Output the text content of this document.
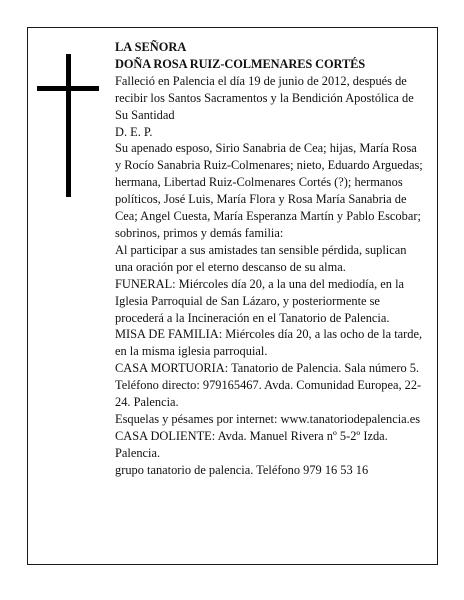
LA SEÑORA

DOÑA ROSA RUIZ-COLMENARES CORTÉS

Falleció en Palencia el día 19 de junio de 2012, después de recibir los Santos Sacramentos y la Bendición Apostólica de Su Santidad

D. E. P.

Su apenado esposo, Sirio Sanabria de Cea; hijas, María Rosa y Rocío Sanabria Ruiz-Colmenares; nieto, Eduardo Arguedas; hermana, Libertad Ruiz-Colmenares Cortés (?); hermanos políticos, José Luis, María Flora y Rosa María Sanabria de Cea; Angel Cuesta, María Esperanza Martín y Pablo Escobar; sobrinos, primos y demás familia:

Al participar a sus amistades tan sensible pérdida, suplican una oración por el eterno descanso de su alma.

FUNERAL: Miércoles día 20, a la una del mediodía, en la Iglesia Parroquial de San Lázaro, y posteriormente se procederá a la Incineración en el Tanatorio de Palencia.

MISA DE FAMILIA: Miércoles día 20, a las ocho de la tarde, en la misma iglesia parroquial.

CASA MORTUORIA: Tanatorio de Palencia. Sala número 5. Teléfono directo: 979165467. Avda. Comunidad Europea, 22-24. Palencia.

Esquelas y pésames por internet: www.tanatoriodepalencia.es

CASA DOLIENTE: Avda. Manuel Rivera nº 5-2º Izda. Palencia.

grupo tanatorio de palencia. Teléfono 979 16 53 16
